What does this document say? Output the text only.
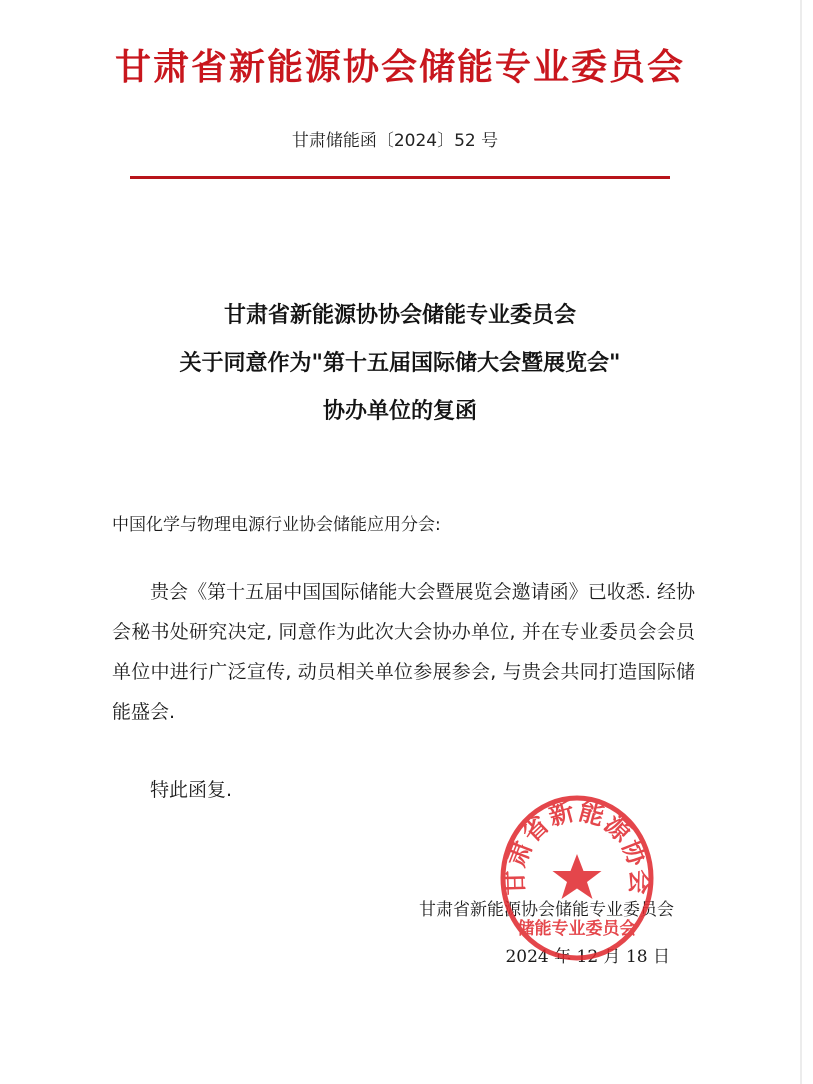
甘肃省新能源协会储能专业委员会
甘肃储能函〔2024〕52 号
甘肃省新能源协协会储能专业委员会
关于同意作为"第十五届国际储大会暨展览会"
协办单位的复函
中国化学与物理电源行业协会储能应用分会:
贵会《第十五届中国国际储能大会暨展览会邀请函》已收悉. 经协会秘书处研究决定, 同意作为此次大会协办单位, 并在专业委员会会员单位中进行广泛宣传, 动员相关单位参展参会, 与贵会共同打造国际储能盛会.
特此函复.
甘肃省新能源协会储能专业委员会
2024 年 12 月 18 日
甘肃省新能源协会
储能专业委员会
